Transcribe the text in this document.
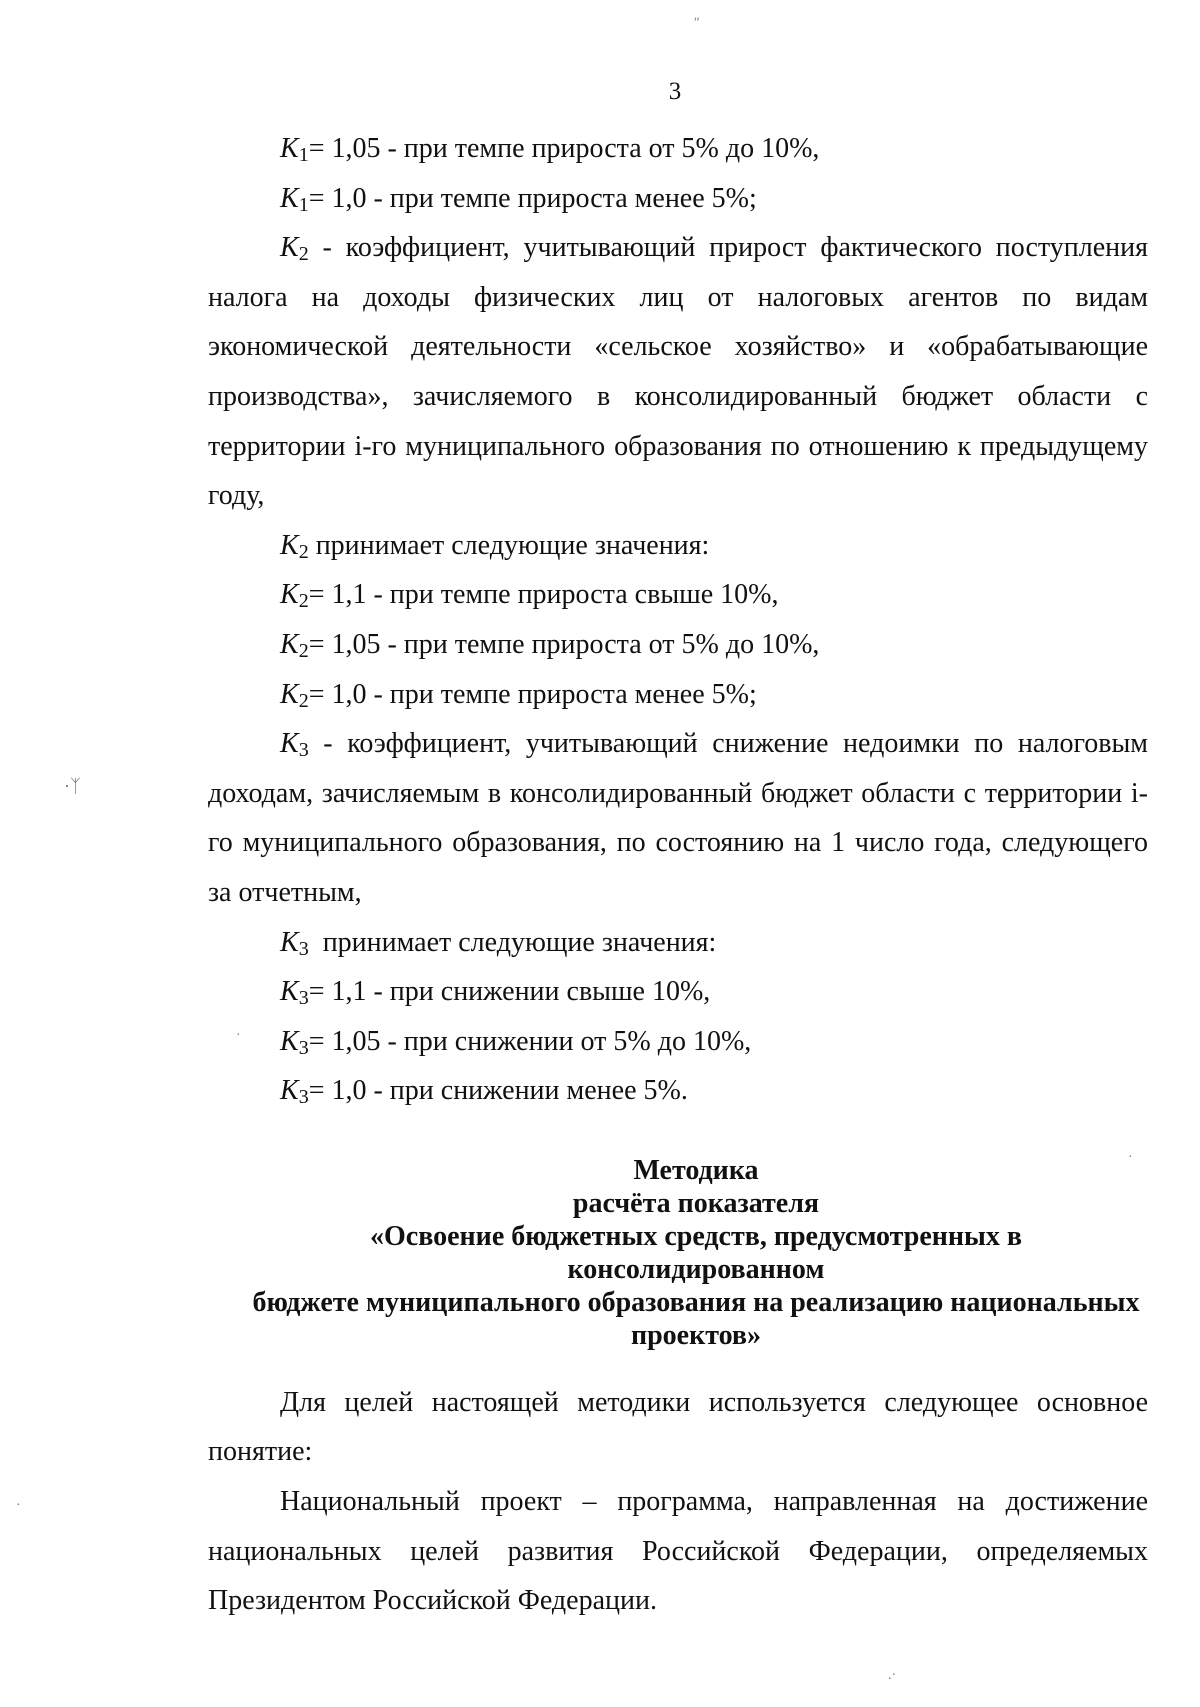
3

$K_1= 1,05$ - при темпе прироста от 5% до 10%,

$K_1= 1,0$ - при темпе прироста менее 5%;

$K_2$ - коэффициент, учитывающий прирост фактического поступления налога на доходы физических лиц от налоговых агентов по видам экономической деятельности «сельское хозяйство» и «обрабатывающие производства», зачисляемого в консолидированный бюджет области с территории i-го муниципального образования по отношению к предыдущему году,

$K_2$ принимает следующие значения:

$K_2= 1,1$ - при темпе прироста свыше 10%,

$K_2= 1,05$ - при темпе прироста от 5% до 10%,

$K_2= 1,0$ - при темпе прироста менее 5%;

$K_3$ - коэффициент, учитывающий снижение недоимки по налоговым доходам, зачисляемым в консолидированный бюджет области с территории i-го муниципального образования, по состоянию на 1 число года, следующего за отчетным,

$K_3$  принимает следующие значения:

$K_3= 1,1$ - при снижении свыше 10%,

$K_3= 1,05$ - при снижении от 5% до 10%,

$K_3= 1,0$ - при снижении менее 5%.

Методика
расчёта показателя
«Освоение бюджетных средств, предусмотренных в консолидированном
бюджете муниципального образования на реализацию национальных
проектов»

Для целей настоящей методики используется следующее основное понятие:

Национальный проект – программа, направленная на достижение национальных целей развития Российской Федерации, определяемых Президентом Российской Федерации.

ʺ
·ᛉ
·
·
·
.·
